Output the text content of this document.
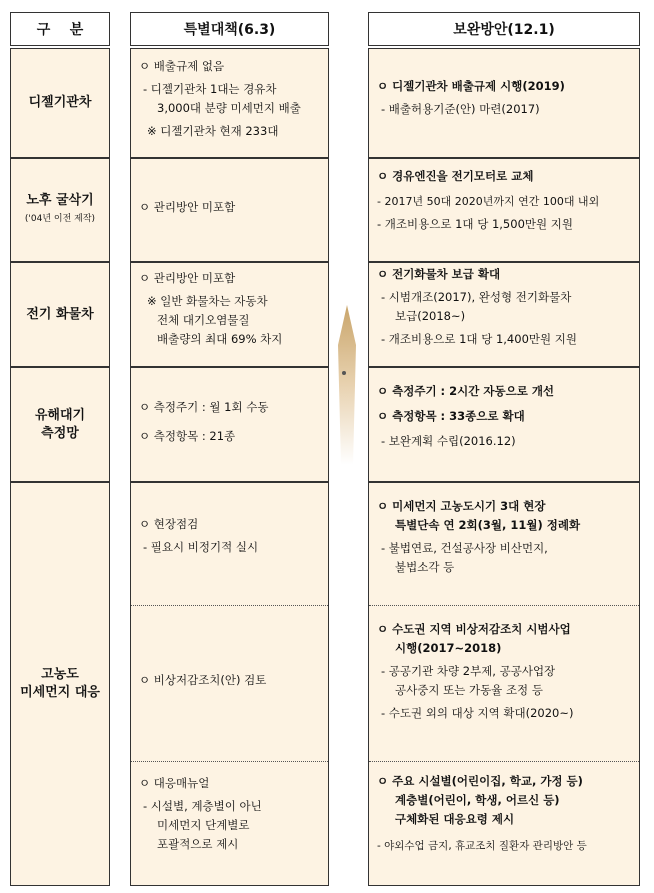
구    분
디젤기관차
노후 굴삭기
('04년 이전 제작)
전기 화물차
유해대기
측정망
고농도
미세먼지 대응
특별대책(6.3)
ㅇ 배출규제 없음
- 디젤기관차 1대는 경유차
3,000대 분량 미세먼지 배출
※ 디젤기관차 현재 233대
ㅇ 관리방안 미포함
ㅇ 관리방안 미포함
※ 일반 화물차는 자동차
전체 대기오염물질
배출량의 최대 69% 차지
ㅇ 측정주기 : 월 1회 수동
ㅇ 측정항목 : 21종
ㅇ 현장점검
- 필요시 비정기적 실시
ㅇ 비상저감조치(안) 검토
ㅇ 대응매뉴얼
- 시설별, 계층별이 아닌
미세먼지 단계별로
포괄적으로 제시
보완방안(12.1)
ㅇ 디젤기관차 배출규제 시행(2019)
- 배출허용기준(안) 마련(2017)
ㅇ 경유엔진을 전기모터로 교체
- 2017년 50대 2020년까지 연간 100대 내외
- 개조비용으로 1대 당 1,500만원 지원
ㅇ 전기화물차 보급 확대
- 시범개조(2017), 완성형 전기화물차
보급(2018~)
- 개조비용으로 1대 당 1,400만원 지원
ㅇ 측정주기 : 2시간 자동으로 개선
ㅇ 측정항목 : 33종으로 확대
- 보완계획 수립(2016.12)
ㅇ 미세먼지 고농도시기 3대 현장
특별단속 연 2회(3월, 11월) 정례화
- 불법연료, 건설공사장 비산먼지,
불법소각 등
ㅇ 수도권 지역 비상저감조치 시범사업
시행(2017~2018)
- 공공기관 차량 2부제, 공공사업장
공사중지 또는 가동율 조정 등
- 수도권 외의 대상 지역 확대(2020~)
ㅇ 주요 시설별(어린이집, 학교, 가정 등)
계층별(어린이, 학생, 어르신 등)
구체화된 대응요령 제시
- 야외수업 금지, 휴교조치 질환자 관리방안 등
